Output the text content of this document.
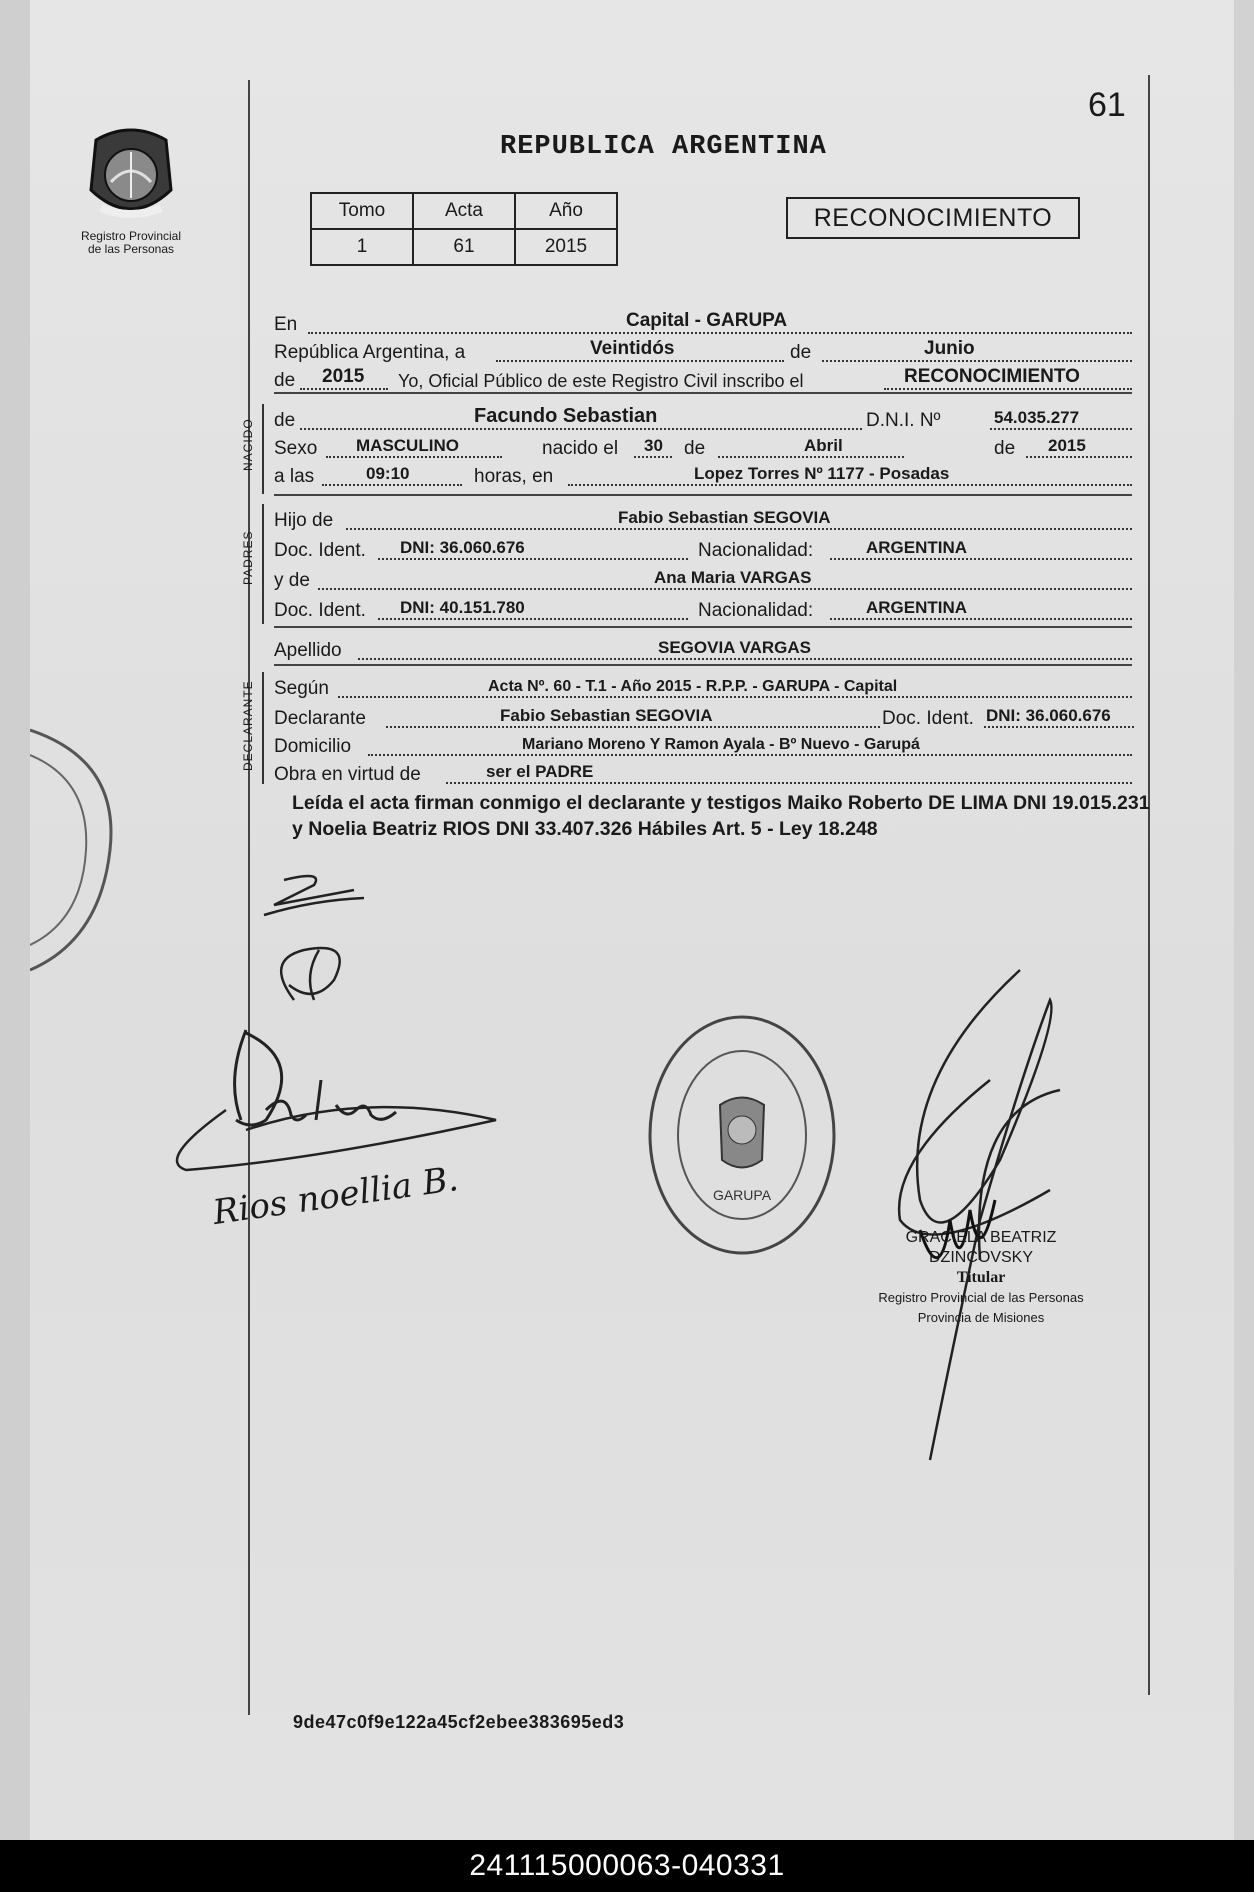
61
Registro Provincial
de las Personas
REPUBLICA ARGENTINA
Tomo	Acta	Año
1	61	2015
RECONOCIMIENTO
En	Capital - GARUPA
República Argentina, a	Veintidós	de	Junio
de 2015 Yo, Oficial Público de este Registro Civil inscribo el	RECONOCIMIENTO
NACIDO de	Facundo Sebastian	D.N.I. Nº	54.035.277
Sexo MASCULINO	nacido el 30 de	Abril	de 2015
a las	09:10	horas, en	Lopez Torres Nº 1177 - Posadas
PADRES
Hijo de	Fabio Sebastian SEGOVIA
Doc. Ident. DNI: 36.060.676	Nacionalidad:	ARGENTINA
y de	Ana Maria VARGAS
Doc. Ident. DNI: 40.151.780	Nacionalidad:	ARGENTINA
Apellido	SEGOVIA VARGAS
DECLARANTE Según	Acta Nº. 60 - T.1 - Año 2015 - R.P.P. - GARUPA - Capital
Declarante	Fabio Sebastian SEGOVIA	Doc. Ident. DNI: 36.060.676
Domicilio	Mariano Moreno Y Ramon Ayala - Bº Nuevo - Garupá
Obra en virtud de	ser el PADRE
Leída el acta firman conmigo el declarante y testigos Maiko Roberto DE LIMA DNI 19.015.231 y Noelia Beatriz RIOS DNI 33.407.326 Hábiles Art. 5 - Ley 18.248
Rios noellia B.	GARUPA
GRACIELA BEATRIZ DZINCOVSKY
Titular
Registro Provincial de las Personas
Provincia de Misiones
9de47c0f9e122a45cf2ebee383695ed3
241115000063-040331
